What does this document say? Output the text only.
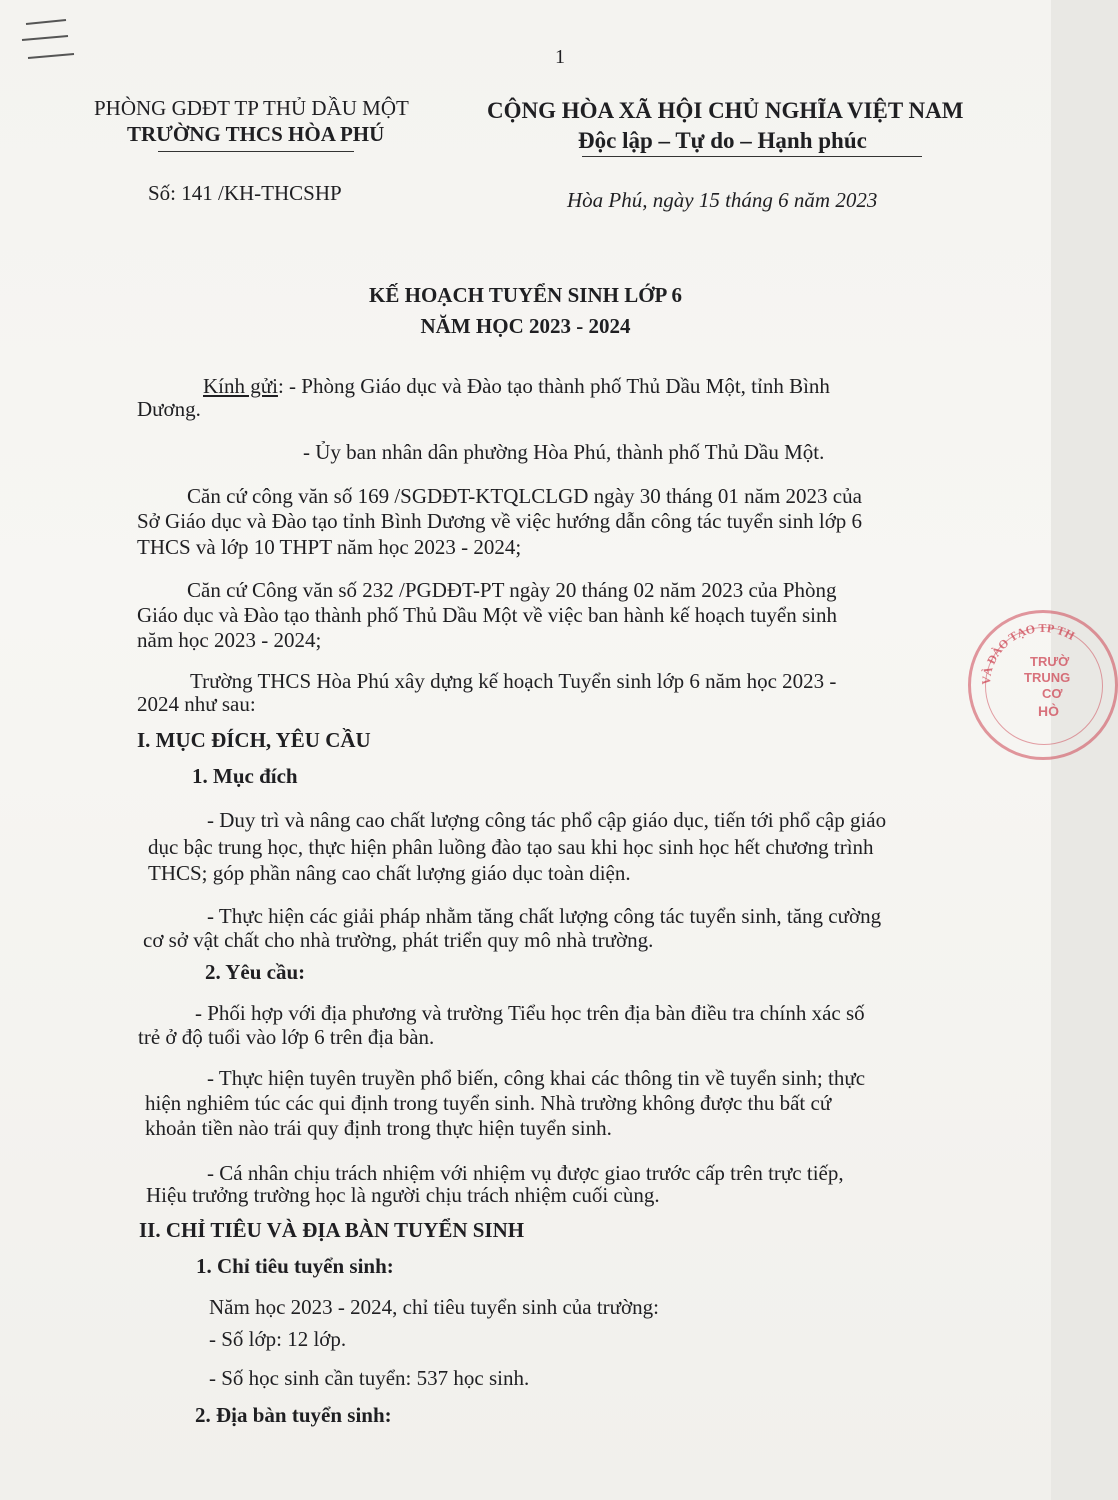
1
PHÒNG GDĐT TP THỦ DẦU MỘT
TRƯỜNG THCS HÒA PHÚ
CỘNG HÒA XÃ HỘI CHỦ NGHĨA VIỆT NAM
Độc lập – Tự do – Hạnh phúc
Số: 141 /KH-THCSHP	Hòa Phú, ngày 15 tháng 6 năm 2023
KẾ HOẠCH TUYỂN SINH LỚP 6
NĂM HỌC 2023 - 2024
Kính gửi: - Phòng Giáo dục và Đào tạo thành phố Thủ Dầu Một, tỉnh Bình
Dương.
- Ủy ban nhân dân phường Hòa Phú, thành phố Thủ Dầu Một.
Căn cứ công văn số 169 /SGDĐT-KTQLCLGD ngày 30 tháng 01 năm 2023 của
Sở Giáo dục và Đào tạo tỉnh Bình Dương về việc hướng dẫn công tác tuyển sinh lớp 6
THCS và lớp 10 THPT năm học 2023 - 2024;
Căn cứ Công văn số 232 /PGDĐT-PT ngày 20 tháng 02 năm 2023 của Phòng
Giáo dục và Đào tạo thành phố Thủ Dầu Một về việc ban hành kế hoạch tuyển sinh
năm học 2023 - 2024;
Trường THCS Hòa Phú xây dựng kế hoạch Tuyển sinh lớp 6 năm học 2023 -
2024 như sau:
I. MỤC ĐÍCH, YÊU CẦU
1. Mục đích
- Duy trì và nâng cao chất lượng công tác phổ cập giáo dục, tiến tới phổ cập giáo
dục bậc trung học, thực hiện phân luồng đào tạo sau khi học sinh học hết chương trình
THCS; góp phần nâng cao chất lượng giáo dục toàn diện.
- Thực hiện các giải pháp nhằm tăng chất lượng công tác tuyển sinh, tăng cường
cơ sở vật chất cho nhà trường, phát triển quy mô nhà trường.
2. Yêu cầu:
- Phối hợp với địa phương và trường Tiểu học trên địa bàn điều tra chính xác số
trẻ ở độ tuổi vào lớp 6 trên địa bàn.
- Thực hiện tuyên truyền phổ biến, công khai các thông tin về tuyển sinh; thực
hiện nghiêm túc các qui định trong tuyển sinh. Nhà trường không được thu bất cứ
khoản tiền nào trái quy định trong thực hiện tuyển sinh.
- Cá nhân chịu trách nhiệm với nhiệm vụ được giao trước cấp trên trực tiếp,
Hiệu trưởng trường học là người chịu trách nhiệm cuối cùng.
II. CHỈ TIÊU VÀ ĐỊA BÀN TUYỂN SINH
1. Chỉ tiêu tuyển sinh:
Năm học 2023 - 2024, chỉ tiêu tuyển sinh của trường:
- Số lớp: 12 lớp.
- Số học sinh cần tuyển: 537 học sinh.
2. Địa bàn tuyển sinh:
VÀ ĐÀO TẠO TP TH
TRƯỜ
TRUNG
CƠ
HÒ
